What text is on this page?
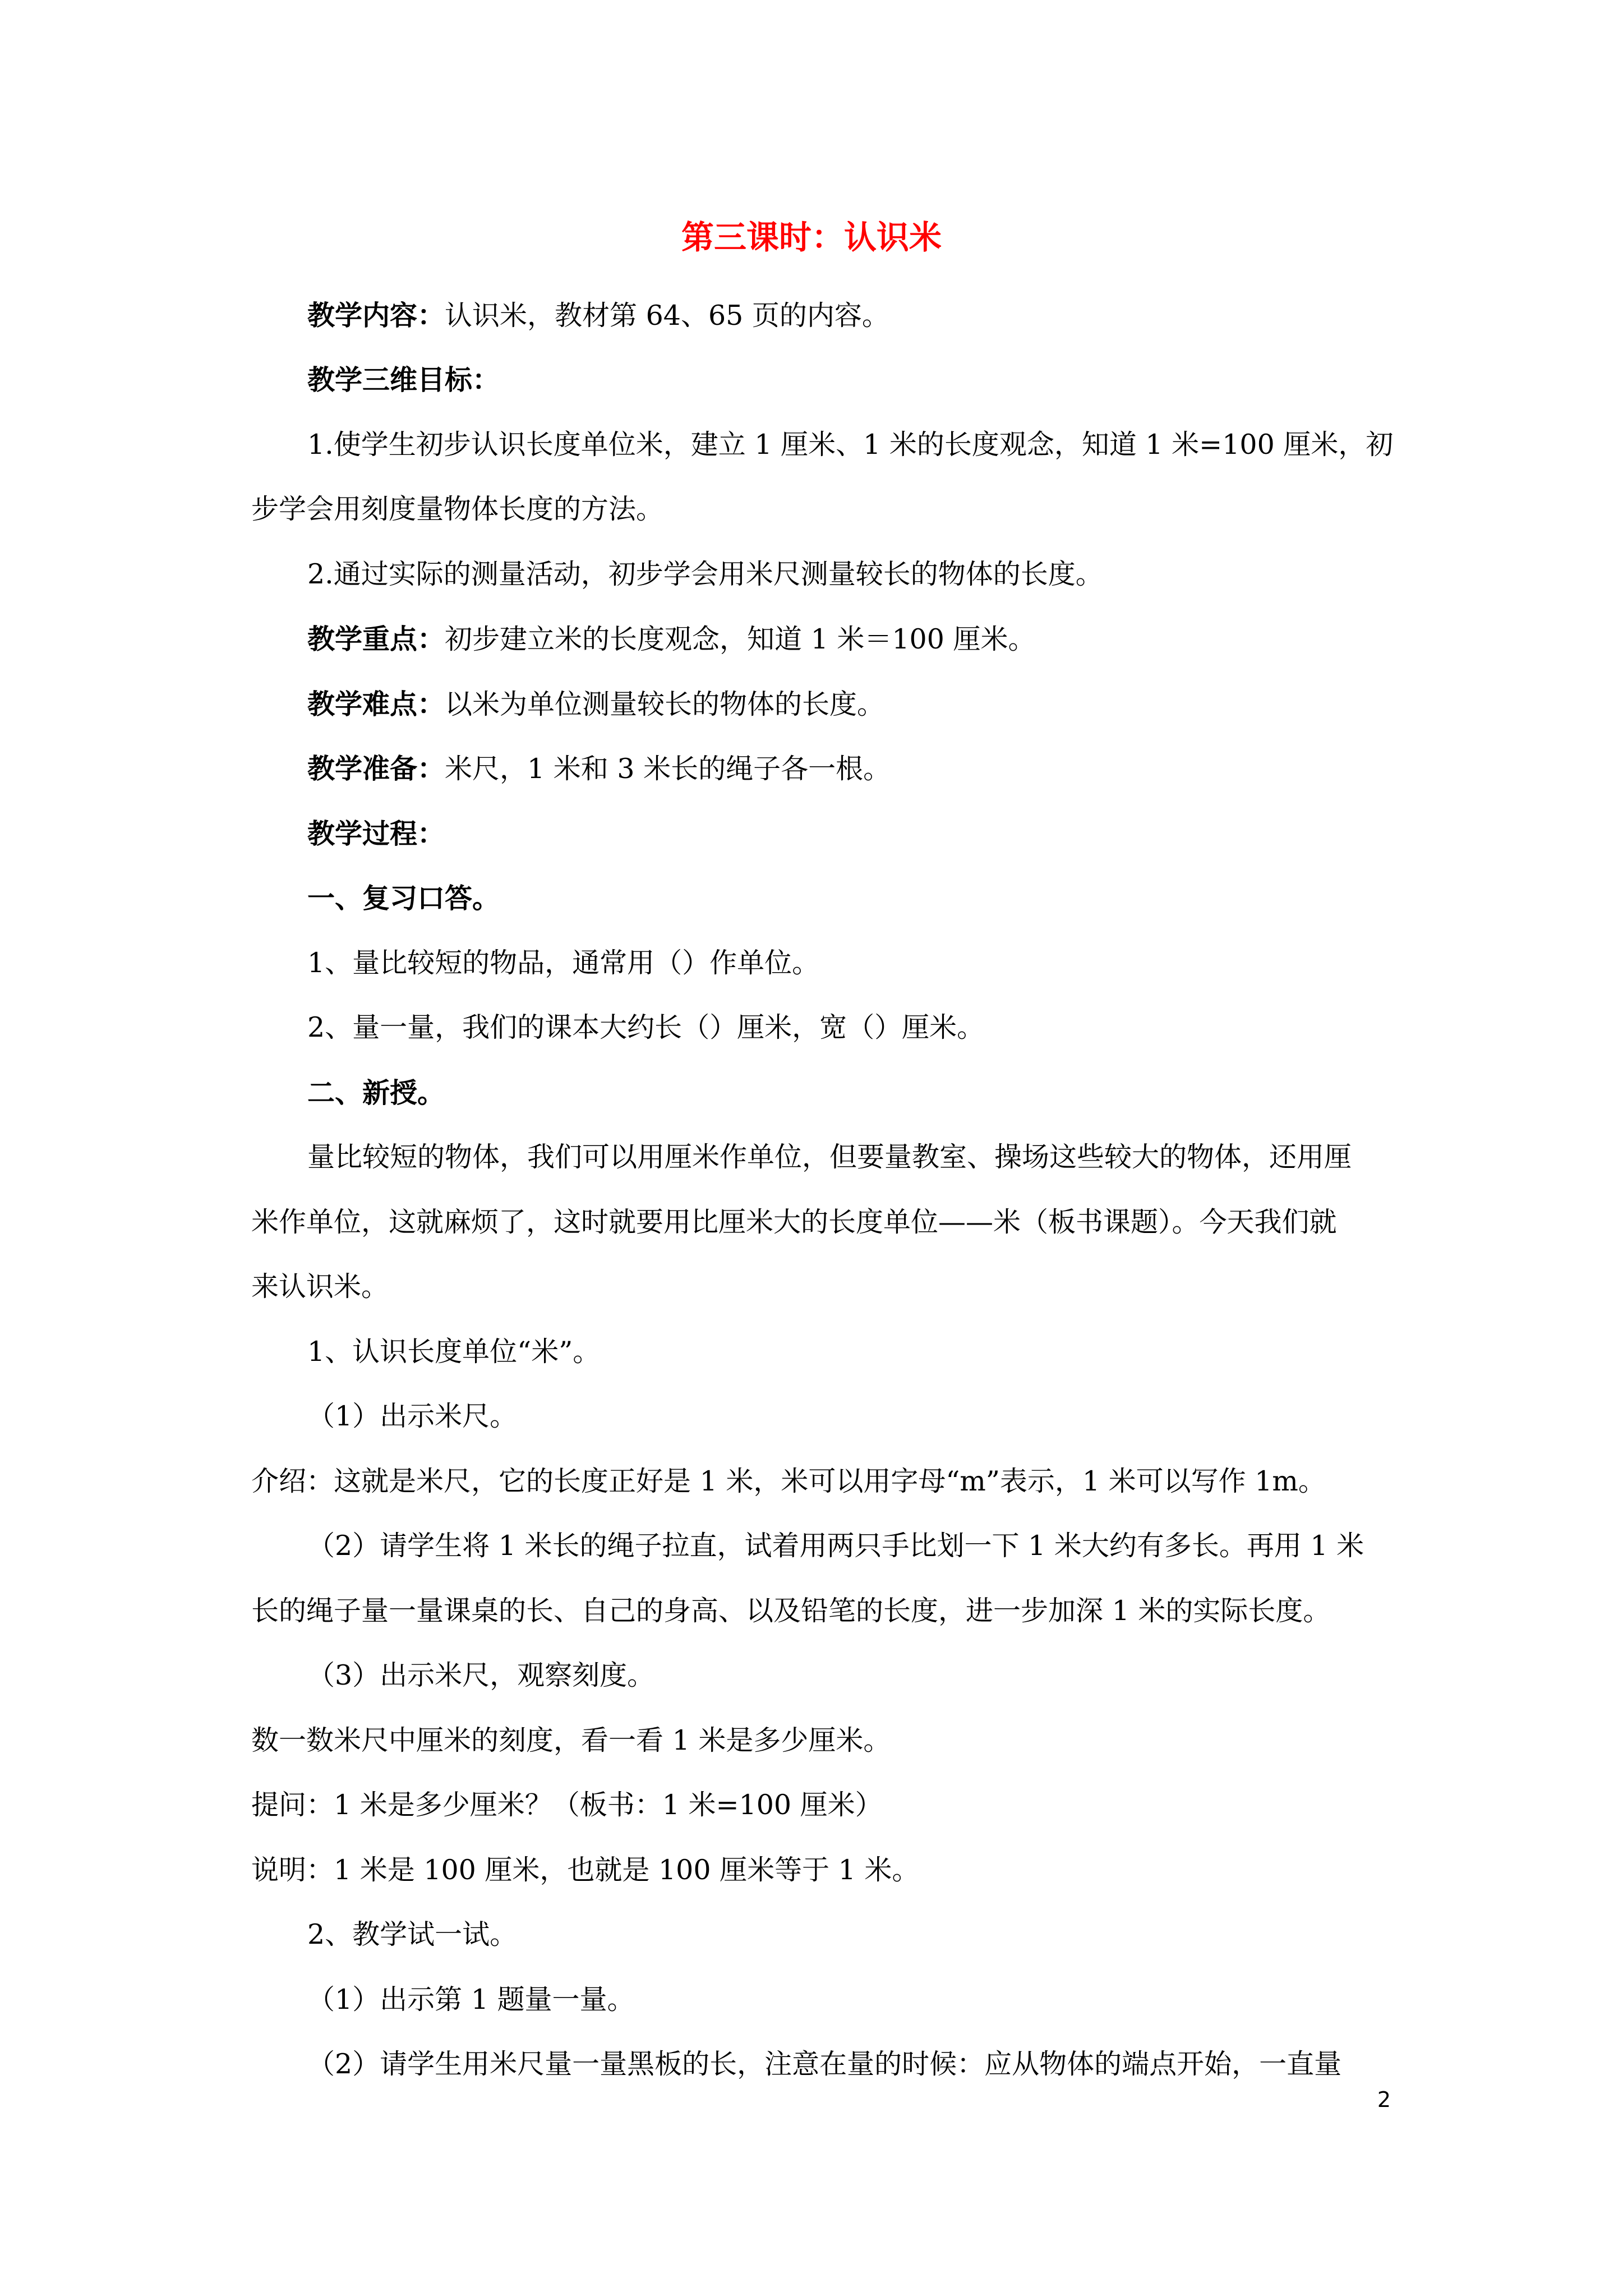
第三课时：认识米

教学内容：认识米，教材第 64、65 页的内容。

教学三维目标：

1.使学生初步认识长度单位米，建立 1 厘米、1 米的长度观念，知道 1 米=100 厘米，初

步学会用刻度量物体长度的方法。

2.通过实际的测量活动，初步学会用米尺测量较长的物体的长度。

教学重点：初步建立米的长度观念，知道 1 米＝100 厘米。

教学难点：以米为单位测量较长的物体的长度。

教学准备：米尺，1 米和 3 米长的绳子各一根。

教学过程：

一、复习口答。

1、量比较短的物品，通常用（）作单位。

2、量一量，我们的课本大约长（）厘米，宽（）厘米。

二、新授。

量比较短的物体，我们可以用厘米作单位，但要量教室、操场这些较大的物体，还用厘

米作单位，这就麻烦了，这时就要用比厘米大的长度单位——米（板书课题）。今天我们就

来认识米。

1、认识长度单位“米”。

（1）出示米尺。

介绍：这就是米尺，它的长度正好是 1 米，米可以用字母“m”表示，1 米可以写作 1m。

（2）请学生将 1 米长的绳子拉直，试着用两只手比划一下 1 米大约有多长。再用 1 米

长的绳子量一量课桌的长、自己的身高、以及铅笔的长度，进一步加深 1 米的实际长度。

（3）出示米尺，观察刻度。

数一数米尺中厘米的刻度，看一看 1 米是多少厘米。

提问：1 米是多少厘米？（板书：1 米=100 厘米）

说明：1 米是 100 厘米，也就是 100 厘米等于 1 米。

2、教学试一试。

（1）出示第 1 题量一量。

（2）请学生用米尺量一量黑板的长，注意在量的时候：应从物体的端点开始，一直量

2
